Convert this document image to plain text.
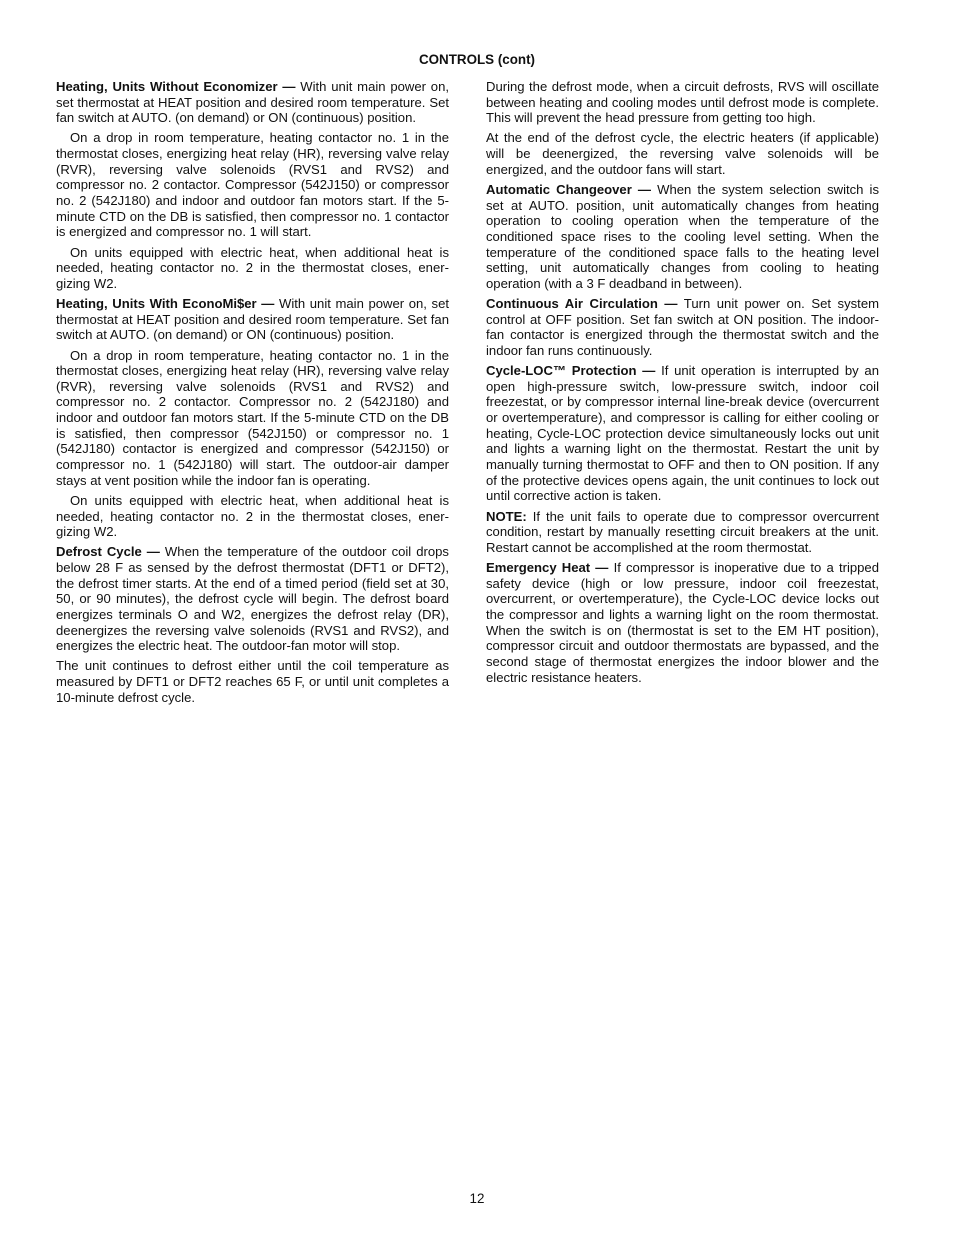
CONTROLS (cont)

Heating, Units Without Economizer — With unit main power on, set thermostat at HEAT position and desired room temperature. Set fan switch at AUTO. (on demand) or ON (continuous) position.

On a drop in room temperature, heating contactor no. 1 in the thermostat closes, energizing heat relay (HR), reversing valve relay (RVR), reversing valve solenoids (RVS1 and RVS2) and compressor no. 2 contactor. Compressor (542J150) or compressor no. 2 (542J180) and indoor and outdoor fan motors start. If the 5-minute CTD on the DB is satisfied, then compressor no. 1 contactor is energized and compressor no. 1 will start.

On units equipped with electric heat, when additional heat is needed, heating contactor no. 2 in the thermostat closes, energizing W2.

Heating, Units With EconoMi$er — With unit main power on, set thermostat at HEAT position and desired room temperature. Set fan switch at AUTO. (on demand) or ON (continuous) position.

On a drop in room temperature, heating contactor no. 1 in the thermostat closes, energizing heat relay (HR), reversing valve relay (RVR), reversing valve solenoids (RVS1 and RVS2) and compressor no. 2 contactor. Compressor no. 2 (542J180) and indoor and outdoor fan motors start. If the 5-minute CTD on the DB is satisfied, then compressor (542J150) or compressor no. 1 (542J180) contactor is energized and compressor (542J150) or compressor no. 1 (542J180) will start. The outdoor-air damper stays at vent position while the indoor fan is operating.

On units equipped with electric heat, when additional heat is needed, heating contactor no. 2 in the thermostat closes, energizing W2.

Defrost Cycle — When the temperature of the outdoor coil drops below 28 F as sensed by the defrost thermostat (DFT1 or DFT2), the defrost timer starts. At the end of a timed period (field set at 30, 50, or 90 minutes), the defrost cycle will begin. The defrost board energizes terminals O and W2, energizes the defrost relay (DR), deenergizes the reversing valve solenoids (RVS1 and RVS2), and energizes the electric heat. The outdoor-fan motor will stop.

The unit continues to defrost either until the coil temperature as measured by DFT1 or DFT2 reaches 65 F, or until unit completes a 10-minute defrost cycle.

During the defrost mode, when a circuit defrosts, RVS will oscillate between heating and cooling modes until defrost mode is complete. This will prevent the head pressure from getting too high.

At the end of the defrost cycle, the electric heaters (if applicable) will be deenergized, the reversing valve solenoids will be energized, and the outdoor fans will start.

Automatic Changeover — When the system selection switch is set at AUTO. position, unit automatically changes from heating operation to cooling operation when the temperature of the conditioned space rises to the cooling level setting. When the temperature of the conditioned space falls to the heating level setting, unit automatically changes from cooling to heating operation (with a 3 F deadband in between).

Continuous Air Circulation — Turn unit power on. Set system control at OFF position. Set fan switch at ON position. The indoor-fan contactor is energized through the thermostat switch and the indoor fan runs continuously.

Cycle-LOC™ Protection — If unit operation is interrupted by an open high-pressure switch, low-pressure switch, indoor coil freezestat, or by compressor internal line-break device (overcurrent or overtemperature), and compressor is calling for either cooling or heating, Cycle-LOC protection device simultaneously locks out unit and lights a warning light on the thermostat. Restart the unit by manually turning thermostat to OFF and then to ON position. If any of the protective devices opens again, the unit continues to lock out until corrective action is taken.

NOTE: If the unit fails to operate due to compressor overcurrent condition, restart by manually resetting circuit breakers at the unit. Restart cannot be accomplished at the room thermostat.

Emergency Heat — If compressor is inoperative due to a tripped safety device (high or low pressure, indoor coil freezestat, overcurrent, or overtemperature), the Cycle-LOC device locks out the compressor and lights a warning light on the room thermostat. When the switch is on (thermostat is set to the EM HT position), compressor circuit and outdoor thermostats are bypassed, and the second stage of thermostat energizes the indoor blower and the electric resistance heaters.

12
